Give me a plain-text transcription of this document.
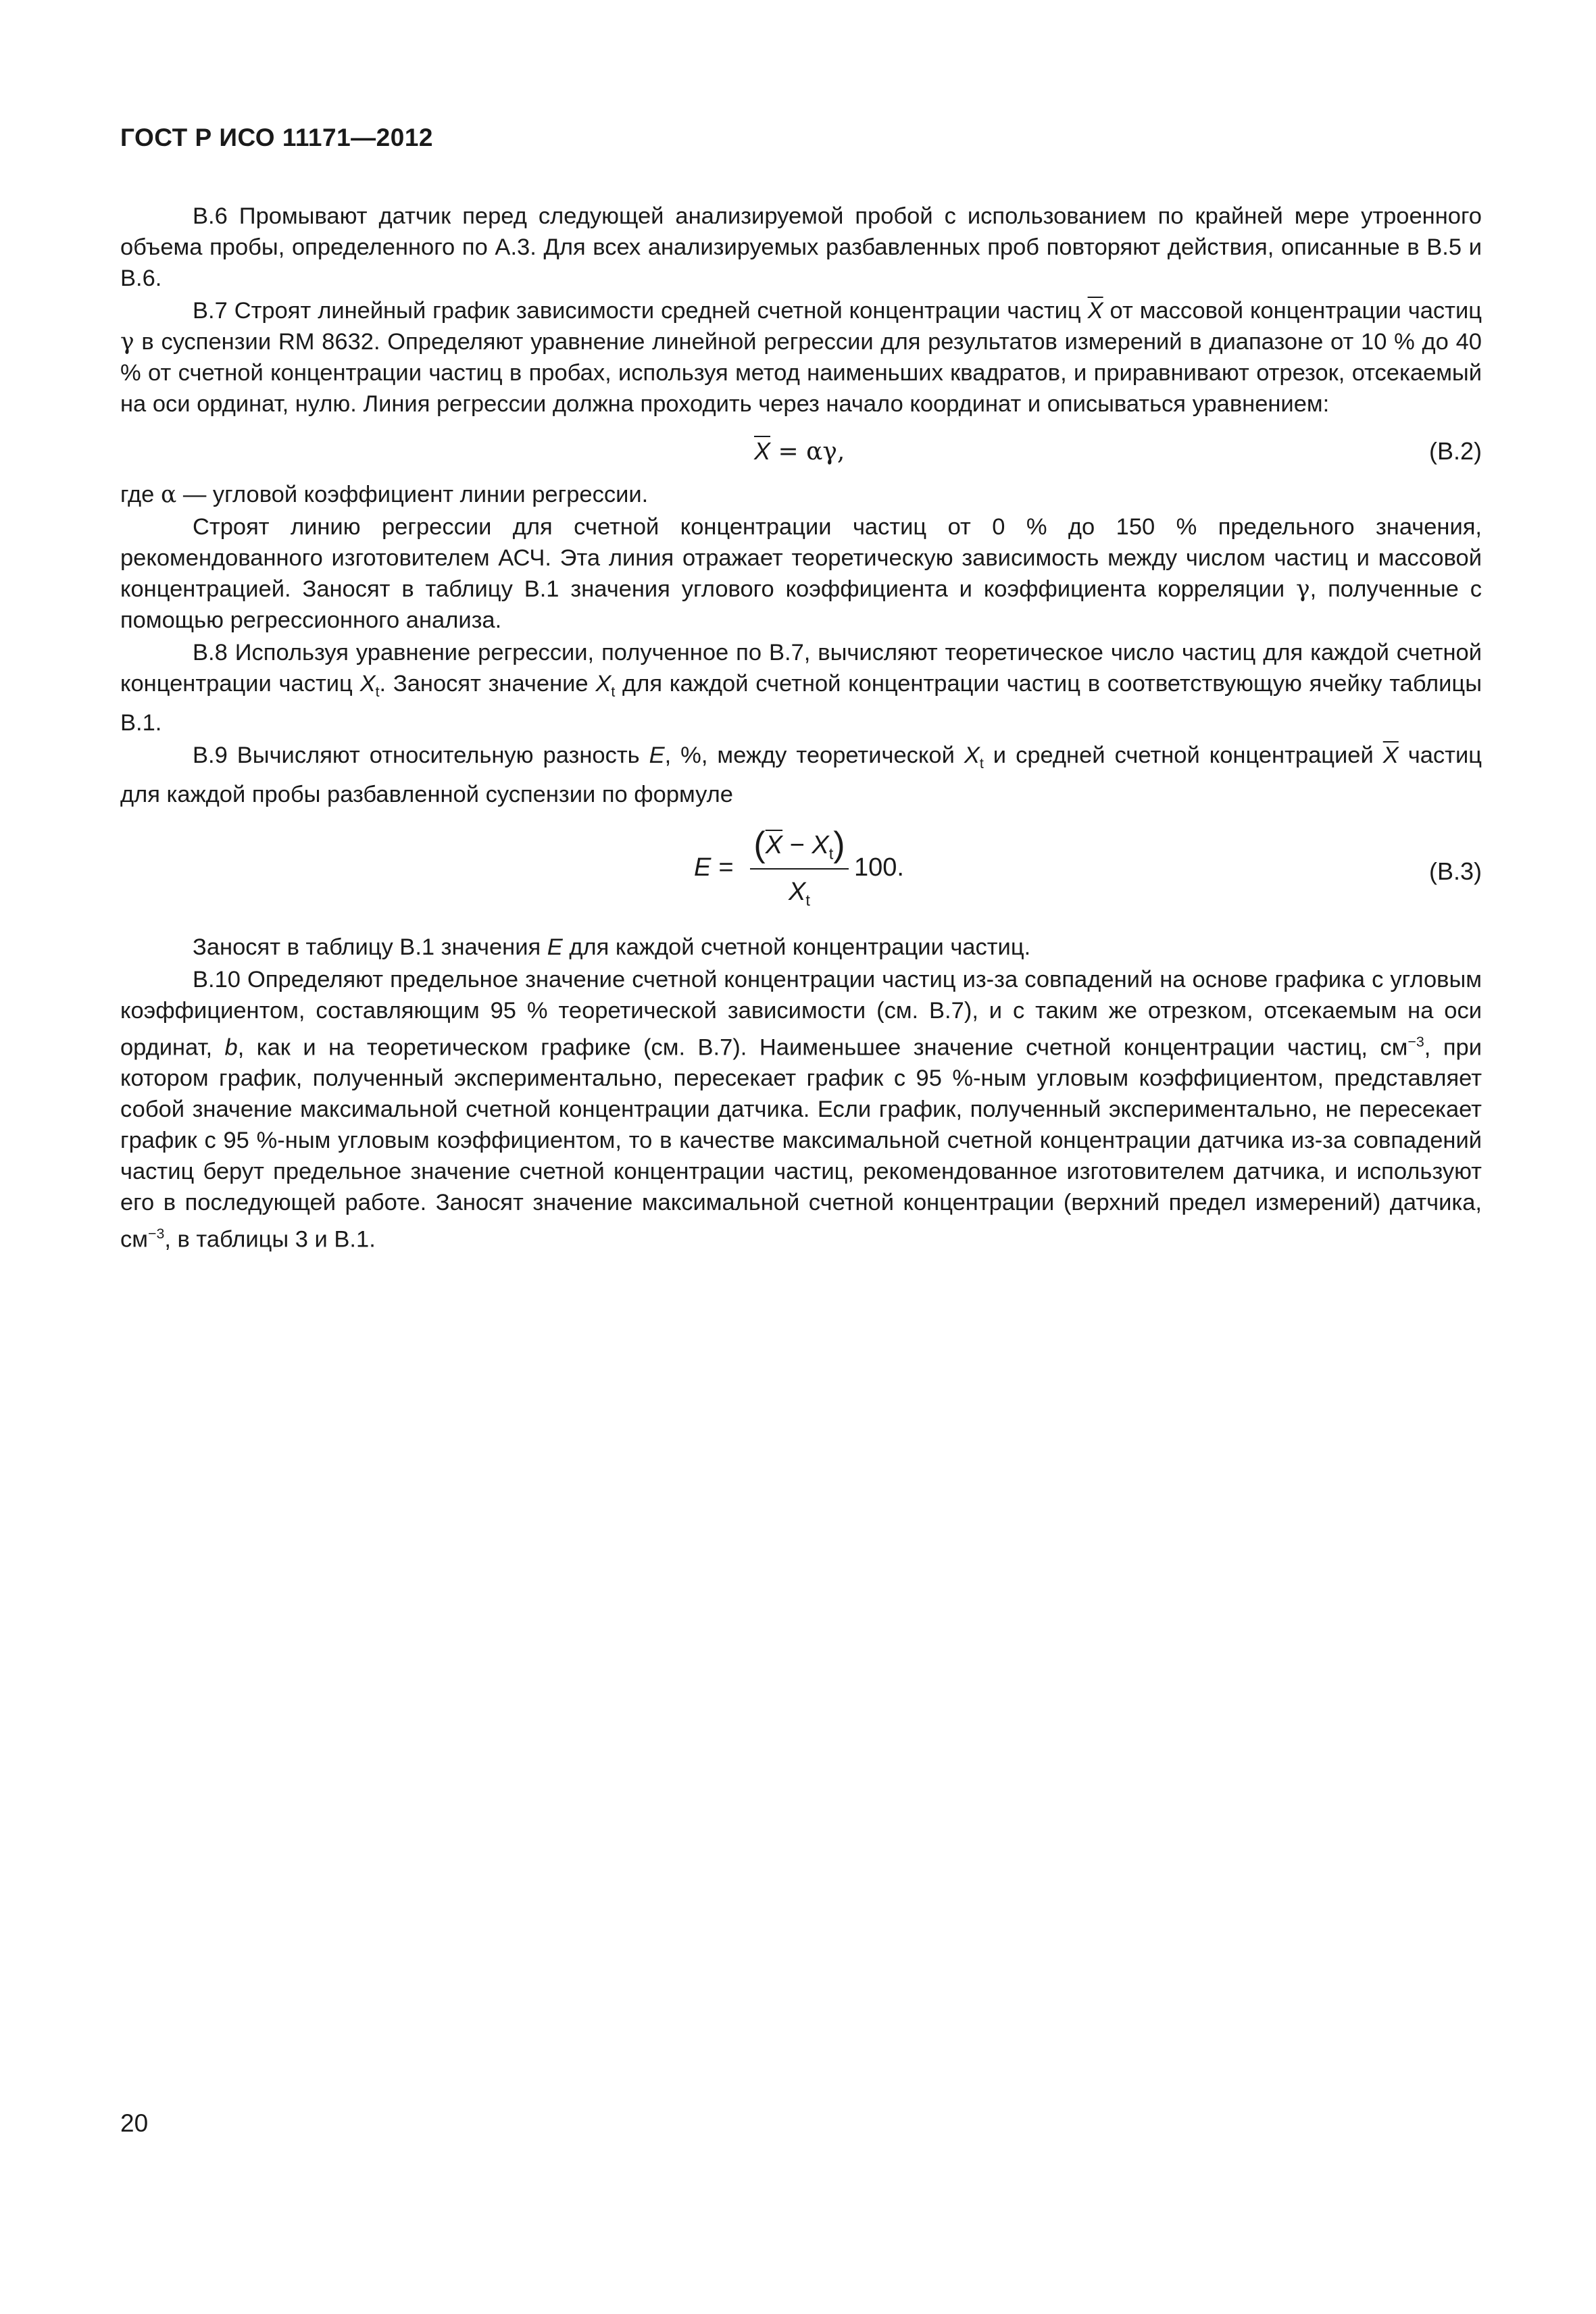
ГОСТ Р ИСО 11171—2012

В.6 Промывают датчик перед следующей анализируемой пробой с использованием по крайней мере утроенного объема пробы, определенного по А.3. Для всех анализируемых разбавленных проб повторяют действия, описанные в В.5 и В.6.

В.7 Строят линейный график зависимости средней счетной концентрации частиц $\overline{X}$ от массовой концентрации частиц γ в суспензии RM 8632. Определяют уравнение линейной регрессии для результатов измерений в диапазоне от 10 % до 40 % от счетной концентрации частиц в пробах, используя метод наименьших квадратов, и приравнивают отрезок, отсекаемый на оси ординат, нулю. Линия регрессии должна проходить через начало координат и описываться уравнением:

$\overline{X} = \alpha\gamma$,	(В.2)

где α — угловой коэффициент линии регрессии.

Строят линию регрессии для счетной концентрации частиц от 0 % до 150 % предельного значения, рекомендованного изготовителем АСЧ. Эта линия отражает теоретическую зависимость между числом частиц и массовой концентрацией. Заносят в таблицу В.1 значения углового коэффициента и коэффициента корреляции γ, полученные с помощью регрессионного анализа.

В.8 Используя уравнение регрессии, полученное по В.7, вычисляют теоретическое число частиц для каждой счетной концентрации частиц $X_t$. Заносят значение $X_t$ для каждой счетной концентрации частиц в соответствующую ячейку таблицы В.1.

В.9 Вычисляют относительную разность E, %, между теоретической $X_t$ и средней счетной концентрацией $\overline{X}$ частиц для каждой пробы разбавленной суспензии по формуле

E =
$(\overline{X} - X_t)$
$X_t$
100.	(В.3)

Заносят в таблицу В.1 значения E для каждой счетной концентрации частиц.

В.10 Определяют предельное значение счетной концентрации частиц из-за совпадений на основе графика с угловым коэффициентом, составляющим 95 % теоретической зависимости (см. В.7), и с таким же отрезком, отсекаемым на оси ординат, b, как и на теоретическом графике (см. В.7). Наименьшее значение счетной концентрации частиц, $см^{-3}$, при котором график, полученный экспериментально, пересекает график с 95 %-ным угловым коэффициентом, представляет собой значение максимальной счетной концентрации датчика. Если график, полученный экспериментально, не пересекает график с 95 %-ным угловым коэффициентом, то в качестве максимальной счетной концентрации датчика из-за совпадений частиц берут предельное значение счетной концентрации частиц, рекомендованное изготовителем датчика, и используют его в последующей работе. Заносят значение максимальной счетной концентрации (верхний предел измерений) датчика, $см^{-3}$, в таблицы 3 и В.1.

20
